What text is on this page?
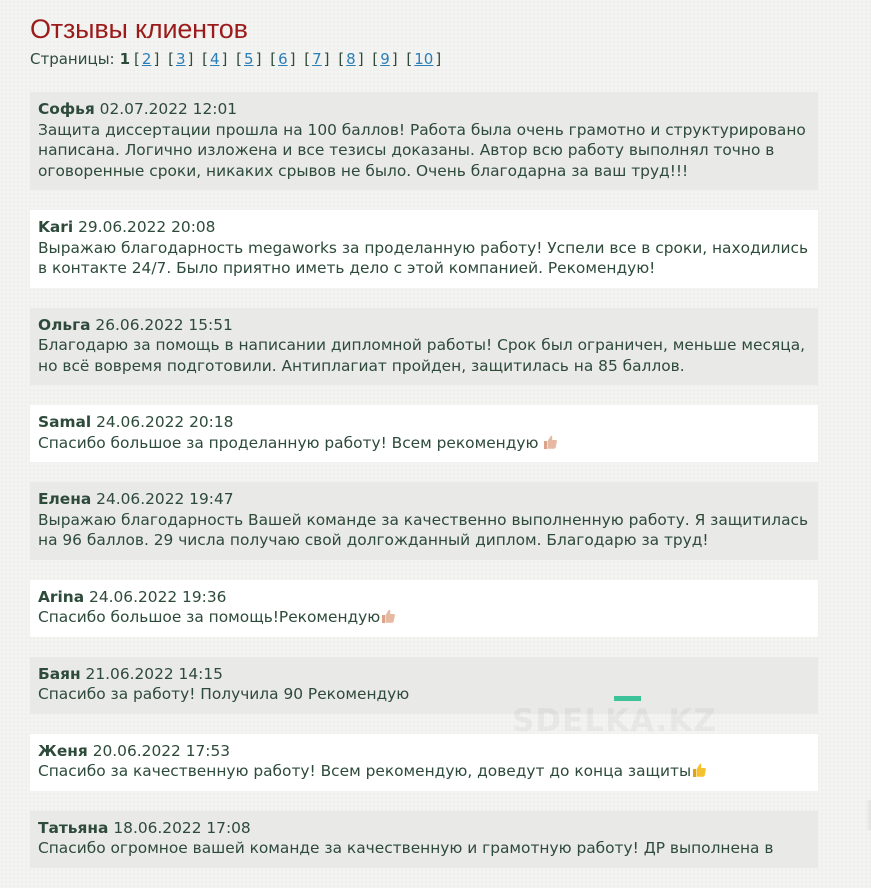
Отзывы клиентов
Страницы: 1 [ 2 ] [ 3 ] [ 4 ] [ 5 ] [ 6 ] [ 7 ] [ 8 ] [ 9 ] [ 10 ]
Софья 02.07.2022 12:01
Защита диссертации прошла на 100 баллов! Работа была очень грамотно и структурировано написана. Логично изложена и все тезисы доказаны. Автор всю работу выполнял точно в оговоренные сроки, никаких срывов не было. Очень благодарна за ваш труд!!!
Kari 29.06.2022 20:08
Выражаю благодарность megaworks за проделанную работу! Успели все в сроки, находились в контакте 24/7. Было приятно иметь дело с этой компанией. Рекомендую!
Ольга 26.06.2022 15:51
Благодарю за помощь в написании дипломной работы! Срок был ограничен, меньше месяца, но всё вовремя подготовили. Антиплагиат пройден, защитилась на 85 баллов.
Samal 24.06.2022 20:18
Спасибо большое за проделанную работу! Всем рекомендую
Елена 24.06.2022 19:47
Выражаю благодарность Вашей команде за качественно выполненную работу. Я защитилась на 96 баллов. 29 числа получаю свой долгожданный диплом. Благодарю за труд!
Arina 24.06.2022 19:36
Спасибо большое за помощь!Рекомендую
Баян 21.06.2022 14:15
Спасибо за работу! Получила 90 Рекомендую
Женя 20.06.2022 17:53
Спасибо за качественную работу! Всем рекомендую, доведут до конца защиты
Татьяна 18.06.2022 17:08
Спасибо огромное вашей команде за качественную и грамотную работу! ДР выполнена в
